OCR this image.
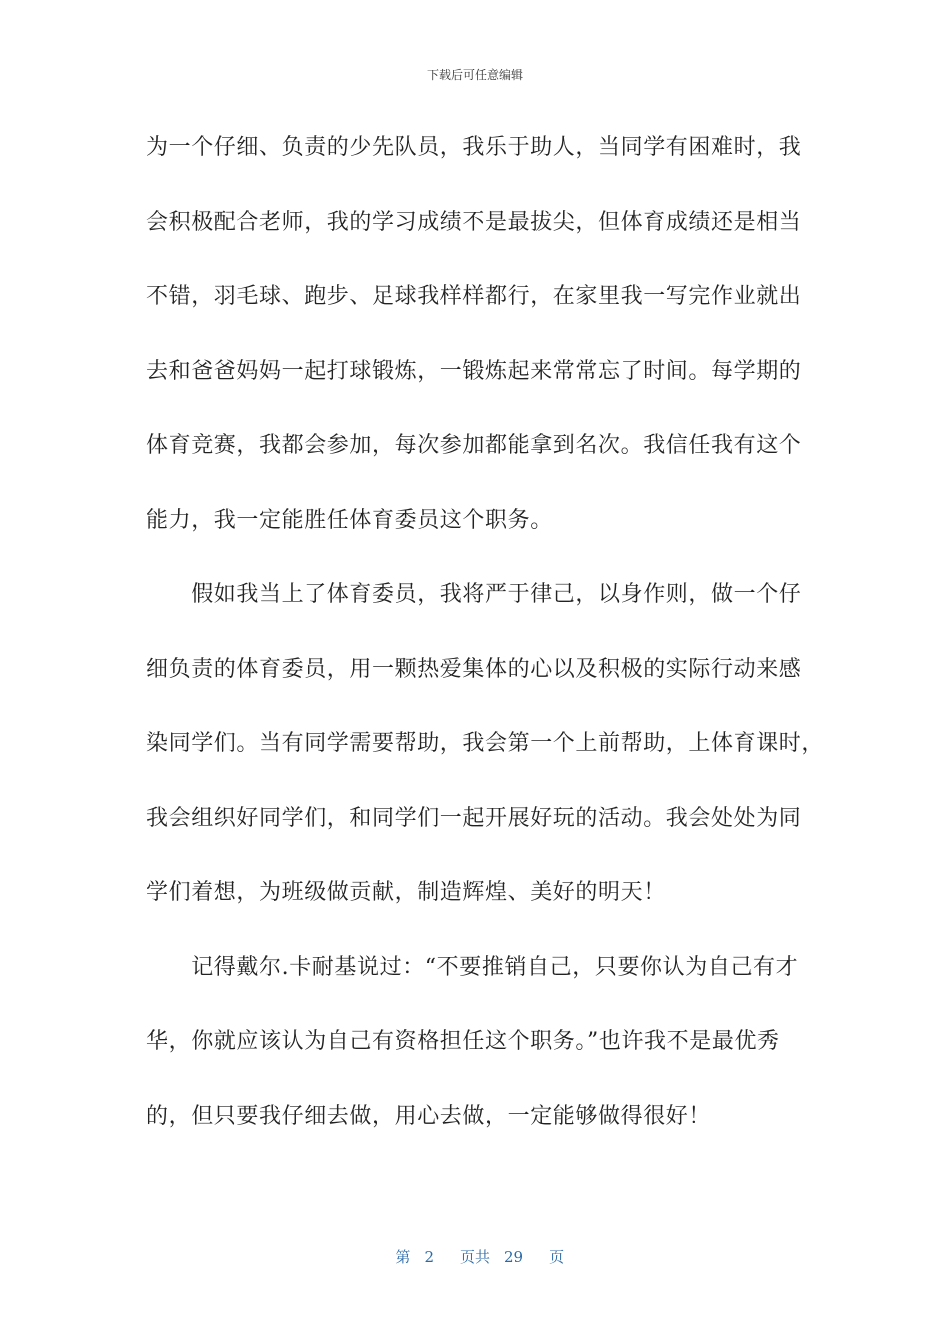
下载后可任意编辑
为一个仔细、负责的少先队员，我乐于助人，当同学有困难时，我
会积极配合老师，我的学习成绩不是最拔尖，但体育成绩还是相当
不错，羽毛球、跑步、足球我样样都行，在家里我一写完作业就出
去和爸爸妈妈一起打球锻炼，一锻炼起来常常忘了时间。每学期的
体育竞赛，我都会参加，每次参加都能拿到名次。我信任我有这个
能力，我一定能胜任体育委员这个职务。
　　假如我当上了体育委员，我将严于律己，以身作则，做一个仔
细负责的体育委员，用一颗热爱集体的心以及积极的实际行动来感
染同学们。当有同学需要帮助，我会第一个上前帮助，上体育课时，
我会组织好同学们，和同学们一起开展好玩的活动。我会处处为同
学们着想，为班级做贡献，制造辉煌、美好的明天！
　　记得戴尔.卡耐基说过：“不要推销自己，只要你认为自己有才
华，你就应该认为自己有资格担任这个职务。”也许我不是最优秀
的，但只要我仔细去做，用心去做，一定能够做得很好！

第 2 页共 29 页
